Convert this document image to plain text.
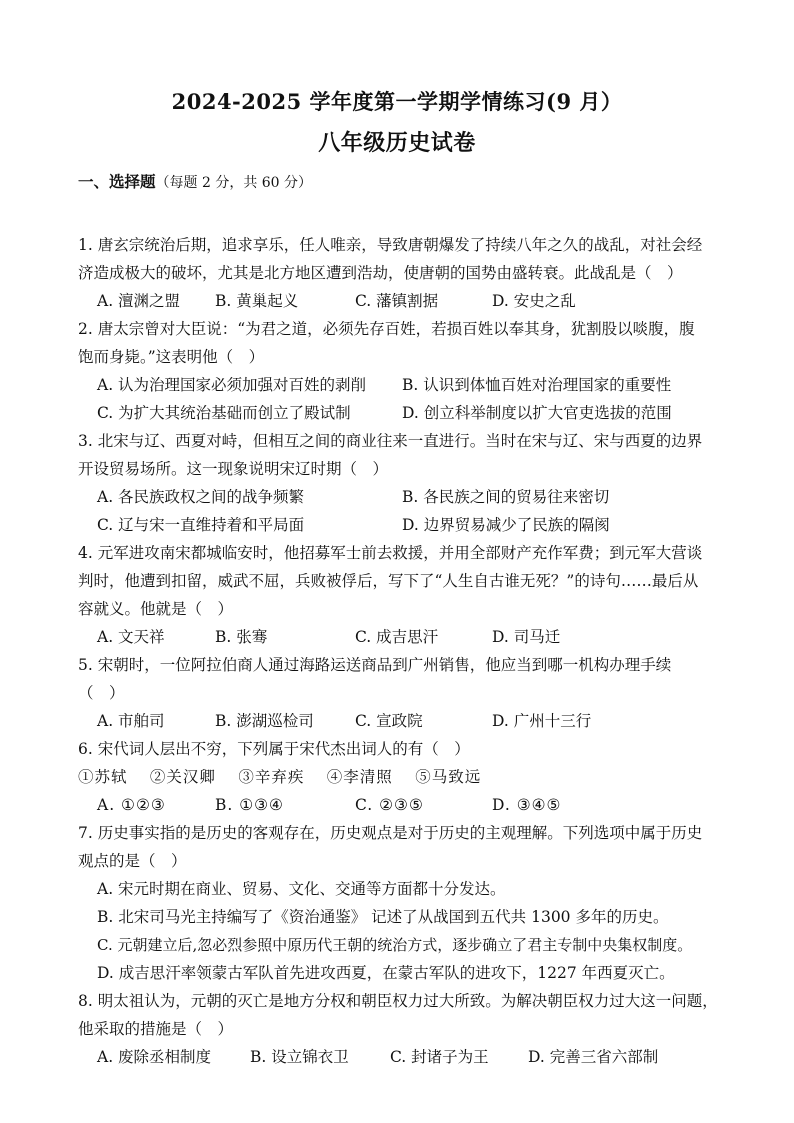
2024-2025 学年度第一学期学情练习(9 月）
八年级历史试卷
一、选择题（每题 2 分，共 60 分）
1. 唐玄宗统治后期，追求享乐，任人唯亲，导致唐朝爆发了持续八年之久的战乱，对社会经
济造成极大的破坏，尤其是北方地区遭到浩劫，使唐朝的国势由盛转衰。此战乱是（　）
A. 澶渊之盟 B. 黄巢起义	C. 藩镇割据	D. 安史之乱
2. 唐太宗曾对大臣说：“为君之道，必须先存百姓，若损百姓以奉其身，犹割股以啖腹，腹
饱而身毙。”这表明他（　）
A. 认为治理国家必须加强对百姓的剥削 B. 认识到体恤百姓对治理国家的重要性
C. 为扩大其统治基础而创立了殿试制	D. 创立科举制度以扩大官吏选拔的范围
3. 北宋与辽、西夏对峙，但相互之间的商业往来一直进行。当时在宋与辽、宋与西夏的边界
开设贸易场所。这一现象说明宋辽时期（　）
A. 各民族政权之间的战争频繁	B. 各民族之间的贸易往来密切
C. 辽与宋一直维持着和平局面	D. 边界贸易减少了民族的隔阂
4. 元军进攻南宋都城临安时，他招募军士前去救援，并用全部财产充作军费；到元军大营谈
判时，他遭到扣留，威武不屈，兵败被俘后，写下了“人生自古谁无死？”的诗句……最后从
容就义。他就是（　）
A. 文天祥	B. 张骞	C. 成吉思汗	D. 司马迁
5. 宋朝时，一位阿拉伯商人通过海路运送商品到广州销售，他应当到哪一机构办理手续
（　）
A. 市舶司	B. 澎湖巡检司	C. 宣政院	D. 广州十三行
6. 宋代词人层出不穷，下列属于宋代杰出词人的有（　）
①苏轼　 ②关汉卿　 ③辛弃疾　 ④李清照　 ⑤马致远
A. ①②③	B. ①③④	C. ②③⑤	D. ③④⑤
7. 历史事实指的是历史的客观存在，历史观点是对于历史的主观理解。下列选项中属于历史
观点的是（　）
A. 宋元时期在商业、贸易、文化、交通等方面都十分发达。
B. 北宋司马光主持编写了《资治通鉴》 记述了从战国到五代共 1300 多年的历史。
C. 元朝建立后,忽必烈参照中原历代王朝的统治方式，逐步确立了君主专制中央集权制度。
D. 成吉思汗率领蒙古军队首先进攻西夏，在蒙古军队的进攻下，1227 年西夏灭亡。
8. 明太祖认为，元朝的灭亡是地方分权和朝臣权力过大所致。为解决朝臣权力过大这一问题，
他采取的措施是（　）
A. 废除丞相制度	B. 设立锦衣卫	C. 封诸子为王	D. 完善三省六部制
